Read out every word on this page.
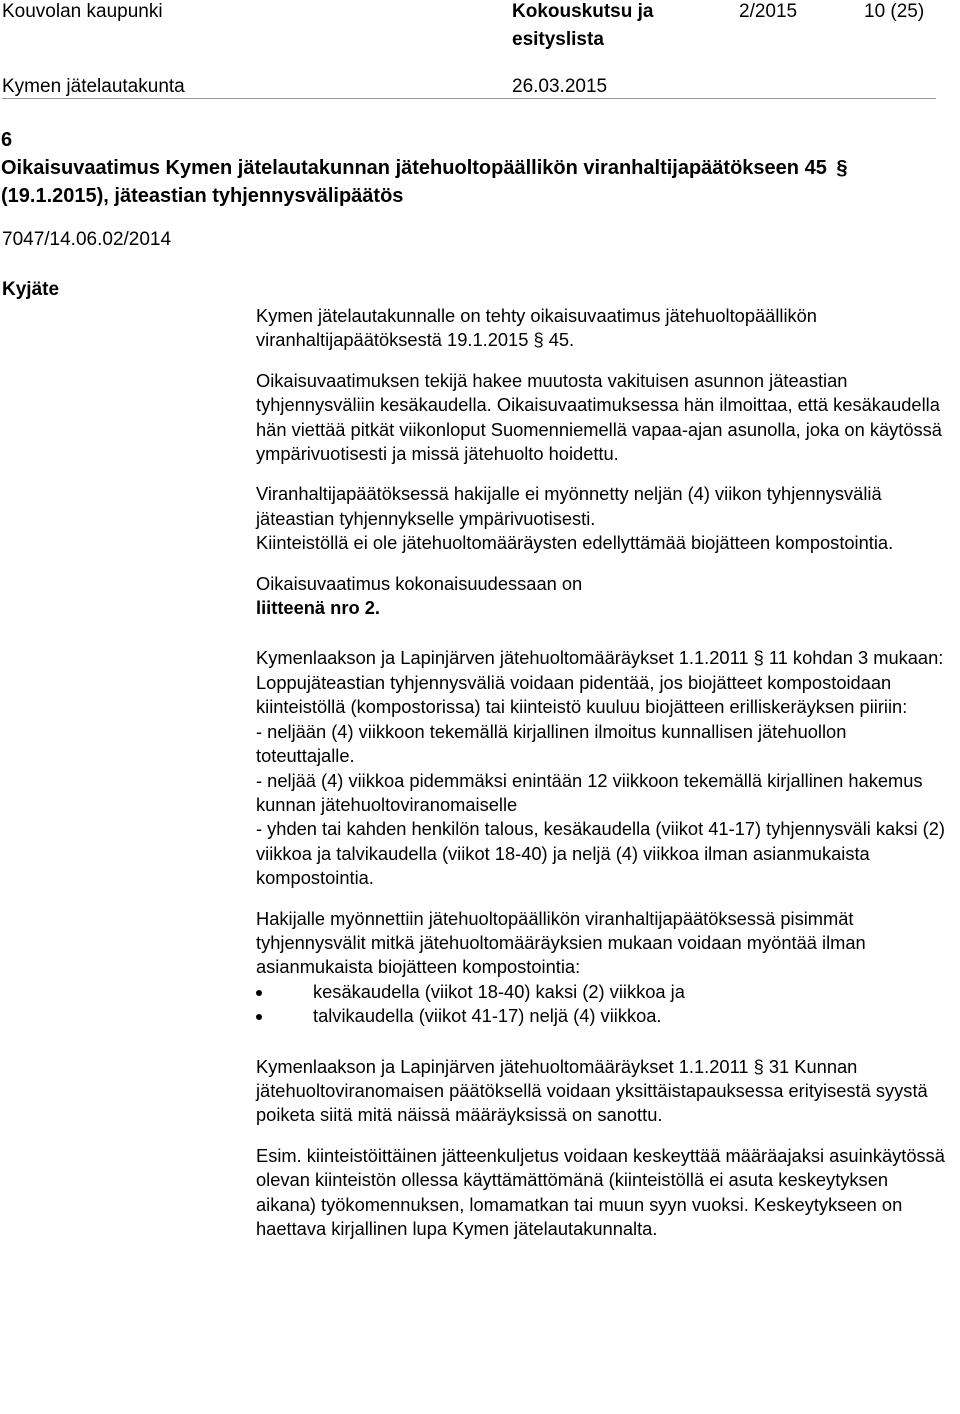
Kouvolan kaupunki	Kokouskutsu ja
esityslista
2/2015	10 (25)
Kymen jätelautakunta	26.03.2015
6
Oikaisuvaatimus Kymen jätelautakunnan jätehuoltopäällikön viranhaltijapäätökseen 45 §
(19.1.2015), jäteastian tyhjennysvälipäätös
7047/14.06.02/2014
Kyjäte

Kymen jätelautakunnalle on tehty oikaisuvaatimus jätehuoltopäällikön
viranhaltijapäätöksestä 19.1.2015 § 45.

Oikaisuvaatimuksen tekijä hakee muutosta vakituisen asunnon jäteastian tyhjennysväliin kesäkaudella. Oikaisuvaatimuksessa hän ilmoittaa, että kesäkaudella hän viettää pitkät viikonloput Suomenniemellä vapaa-ajan asunolla, joka on käytössä ympärivuotisesti ja missä jätehuolto hoidettu.

Viranhaltijapäätöksessä hakijalle ei myönnetty neljän (4) viikon tyhjennysväliä jäteastian tyhjennykselle ympärivuotisesti.

Kiinteistöllä ei ole jätehuoltomääräysten edellyttämää biojätteen kompostointia.

Oikaisuvaatimus kokonaisuudessaan on
liitteenä nro 2.

Kymenlaakson ja Lapinjärven jätehuoltomääräykset 1.1.2011 § 11 kohdan 3 mukaan:

Loppujäteastian tyhjennysväliä voidaan pidentää, jos biojätteet kompostoidaan kiinteistöllä (kompostorissa) tai kiinteistö kuuluu biojätteen erilliskeräyksen piiriin:

- neljään (4) viikkoon tekemällä kirjallinen ilmoitus kunnallisen jätehuollon toteuttajalle.

- neljää (4) viikkoa pidemmäksi enintään 12 viikkoon tekemällä kirjallinen hakemus kunnan jätehuoltoviranomaiselle

- yhden tai kahden henkilön talous, kesäkaudella (viikot 41-17) tyhjennysväli kaksi (2) viikkoa ja talvikaudella (viikot 18-40) ja neljä (4) viikkoa ilman asianmukaista kompostointia.

Hakijalle myönnettiin jätehuoltopäällikön viranhaltijapäätöksessä pisimmät tyhjennysvälit mitkä jätehuoltomääräyksien mukaan voidaan myöntää ilman asianmukaista biojätteen kompostointia:

kesäkaudella (viikot 18-40) kaksi (2) viikkoa ja
talvikaudella (viikot 41-17) neljä (4) viikkoa.

Kymenlaakson ja Lapinjärven jätehuoltomääräykset 1.1.2011 § 31 Kunnan jätehuoltoviranomaisen päätöksellä voidaan yksittäistapauksessa erityisestä syystä poiketa siitä mitä näissä määräyksissä on sanottu.

Esim. kiinteistöittäinen jätteenkuljetus voidaan keskeyttää määräajaksi asuinkäytössä olevan kiinteistön ollessa käyttämättömänä (kiinteistöllä ei asuta keskeytyksen aikana) työkomennuksen, lomamatkan tai muun syyn vuoksi. Keskeytykseen on haettava kirjallinen lupa Kymen jätelautakunnalta.
